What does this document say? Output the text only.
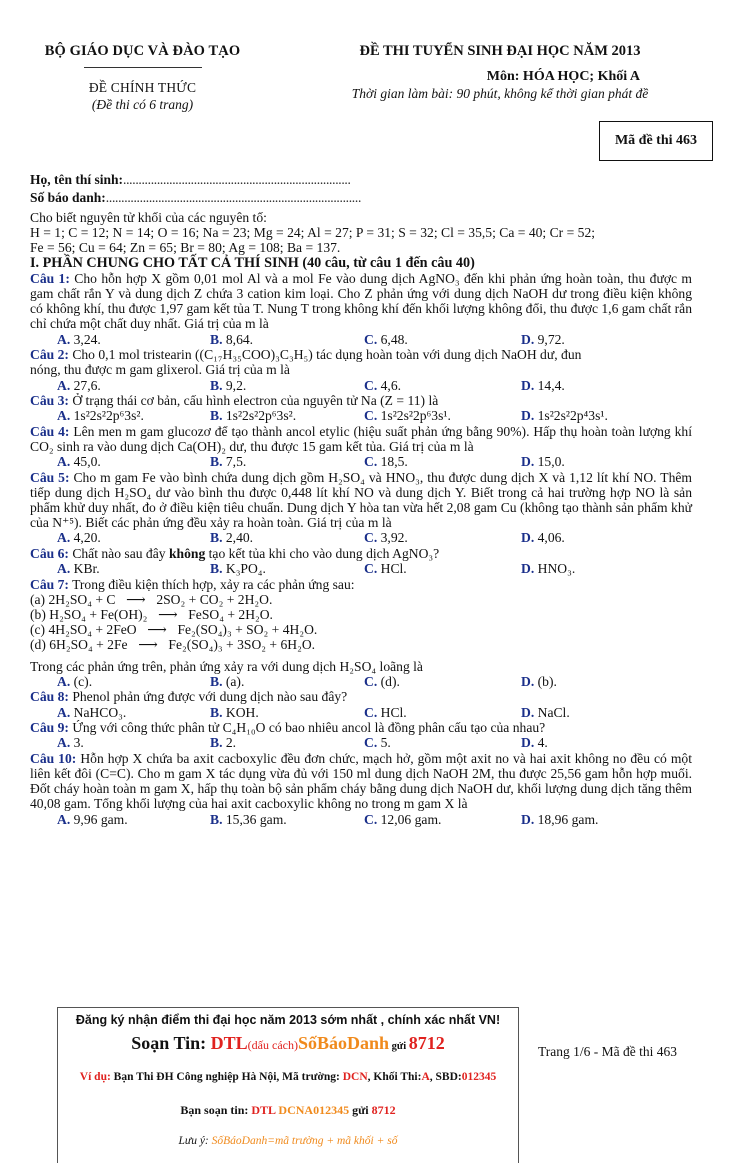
BỘ GIÁO DỤC VÀ ĐÀO TẠO
ĐỀ CHÍNH THỨC
(Đề thi có 6 trang)
ĐỀ THI TUYỂN SINH ĐẠI HỌC NĂM 2013
Môn: HÓA HỌC; Khối A
Thời gian làm bài: 90 phút, không kể thời gian phát đề
Mã đề thi 463
Họ, tên thí sinh:..........................................................................
Số báo danh:...................................................................................

Cho biết nguyên tử khối của các nguyên tố:

H = 1; C = 12; N = 14; O = 16; Na = 23; Mg = 24; Al = 27; P = 31; S = 32; Cl = 35,5; Ca = 40; Cr = 52;

Fe = 56; Cu = 64; Zn = 65; Br = 80; Ag = 108; Ba = 137.

I. PHẦN CHUNG CHO TẤT CẢ THÍ SINH (40 câu, từ câu 1 đến câu 40)

Câu 1: Cho hỗn hợp X gồm 0,01 mol Al và a mol Fe vào dung dịch AgNO₃ đến khi phản ứng hoàn toàn, thu được m gam chất rắn Y và dung dịch Z chứa 3 cation kim loại. Cho Z phản ứng với dung dịch NaOH dư trong điều kiện không có không khí, thu được 1,97 gam kết tủa T. Nung T trong không khí đến khối lượng không đổi, thu được 1,6 gam chất rắn chỉ chứa một chất duy nhất. Giá trị của m là

A. 3,24.	B. 8,64.	C. 6,48.	D. 9,72.

Câu 2: Cho 0,1 mol tristearin ((C₁₇H₃₅COO)₃C₃H₅) tác dụng hoàn toàn với dung dịch NaOH dư, đun
nóng, thu được m gam glixerol. Giá trị của m là

A. 27,6.	B. 9,2.	C. 4,6.	D. 14,4.

Câu 3: Ở trạng thái cơ bản, cấu hình electron của nguyên tử Na (Z = 11) là

A. 1s²2s²2p⁶3s².	B. 1s²2s²2p⁶3s².	C. 1s²2s²2p⁶3s¹.	D. 1s²2s²2p⁴3s¹.

Câu 4: Lên men m gam glucozơ để tạo thành ancol etylic (hiệu suất phản ứng bằng 90%). Hấp thụ hoàn toàn lượng khí CO₂ sinh ra vào dung dịch Ca(OH)₂ dư, thu được 15 gam kết tủa. Giá trị của m là

A. 45,0.	B. 7,5.	C. 18,5.	D. 15,0.

Câu 5: Cho m gam Fe vào bình chứa dung dịch gồm H₂SO₄ và HNO₃, thu được dung dịch X và 1,12 lít khí NO. Thêm tiếp dung dịch H₂SO₄ dư vào bình thu được 0,448 lít khí NO và dung dịch Y. Biết trong cả hai trường hợp NO là sản phẩm khử duy nhất, đo ở điều kiện tiêu chuẩn. Dung dịch Y hòa tan vừa hết 2,08 gam Cu (không tạo thành sản phẩm khử của N⁺⁵). Biết các phản ứng đều xảy ra hoàn toàn. Giá trị của m là

A. 4,20.	B. 2,40.	C. 3,92.	D. 4,06.

Câu 6: Chất nào sau đây không tạo kết tủa khi cho vào dung dịch AgNO₃?

A. KBr.	B. K₃PO₄.	C. HCl.	D. HNO₃.

Câu 7: Trong điều kiện thích hợp, xảy ra các phản ứng sau:

(a) 2H₂SO₄ + C ⟶ 2SO₂ + CO₂ + 2H₂O.

(b) H₂SO₄ + Fe(OH)₂ ⟶ FeSO₄ + 2H₂O.

(c) 4H₂SO₄ + 2FeO ⟶ Fe₂(SO₄)₃ + SO₂ + 4H₂O.

(d) 6H₂SO₄ + 2Fe ⟶ Fe₂(SO₄)₃ + 3SO₂ + 6H₂O.

Trong các phản ứng trên, phản ứng xảy ra với dung dịch H₂SO₄ loãng là

A. (c).	B. (a).	C. (d).	D. (b).

Câu 8: Phenol phản ứng được với dung dịch nào sau đây?

A. NaHCO₃.	B. KOH.	C. HCl.	D. NaCl.

Câu 9: Ứng với công thức phân tử C₄H₁₀O có bao nhiêu ancol là đồng phân cấu tạo của nhau?

A. 3.	B. 2.	C. 5.	D. 4.

Câu 10: Hỗn hợp X chứa ba axit cacboxylic đều đơn chức, mạch hở, gồm một axit no và hai axit không no đều có một liên kết đôi (C=C). Cho m gam X tác dụng vừa đủ với 150 ml dung dịch NaOH 2M, thu được 25,56 gam hỗn hợp muối. Đốt cháy hoàn toàn m gam X, hấp thụ toàn bộ sản phẩm cháy bằng dung dịch NaOH dư, khối lượng dung dịch tăng thêm 40,08 gam. Tổng khối lượng của hai axit cacboxylic không no trong m gam X là

A. 9,96 gam.	B. 15,36 gam.	C. 12,06 gam.	D. 18,96 gam.
Đăng ký nhận điểm thi đại học năm 2013 sớm nhất , chính xác nhất VN!
Soạn Tin: DTL(dấu cách)SốBáoDanh gửi 8712
Ví dụ: Bạn Thi ĐH Công nghiệp Hà Nội, Mã trường: DCN, Khối Thi:A, SBD:012345
Bạn soạn tin: DTL DCNA012345 gửi 8712
Lưu ý: SốBáoDanh=mã trường + mã khối + số
Trang 1/6 - Mã đề thi 463
